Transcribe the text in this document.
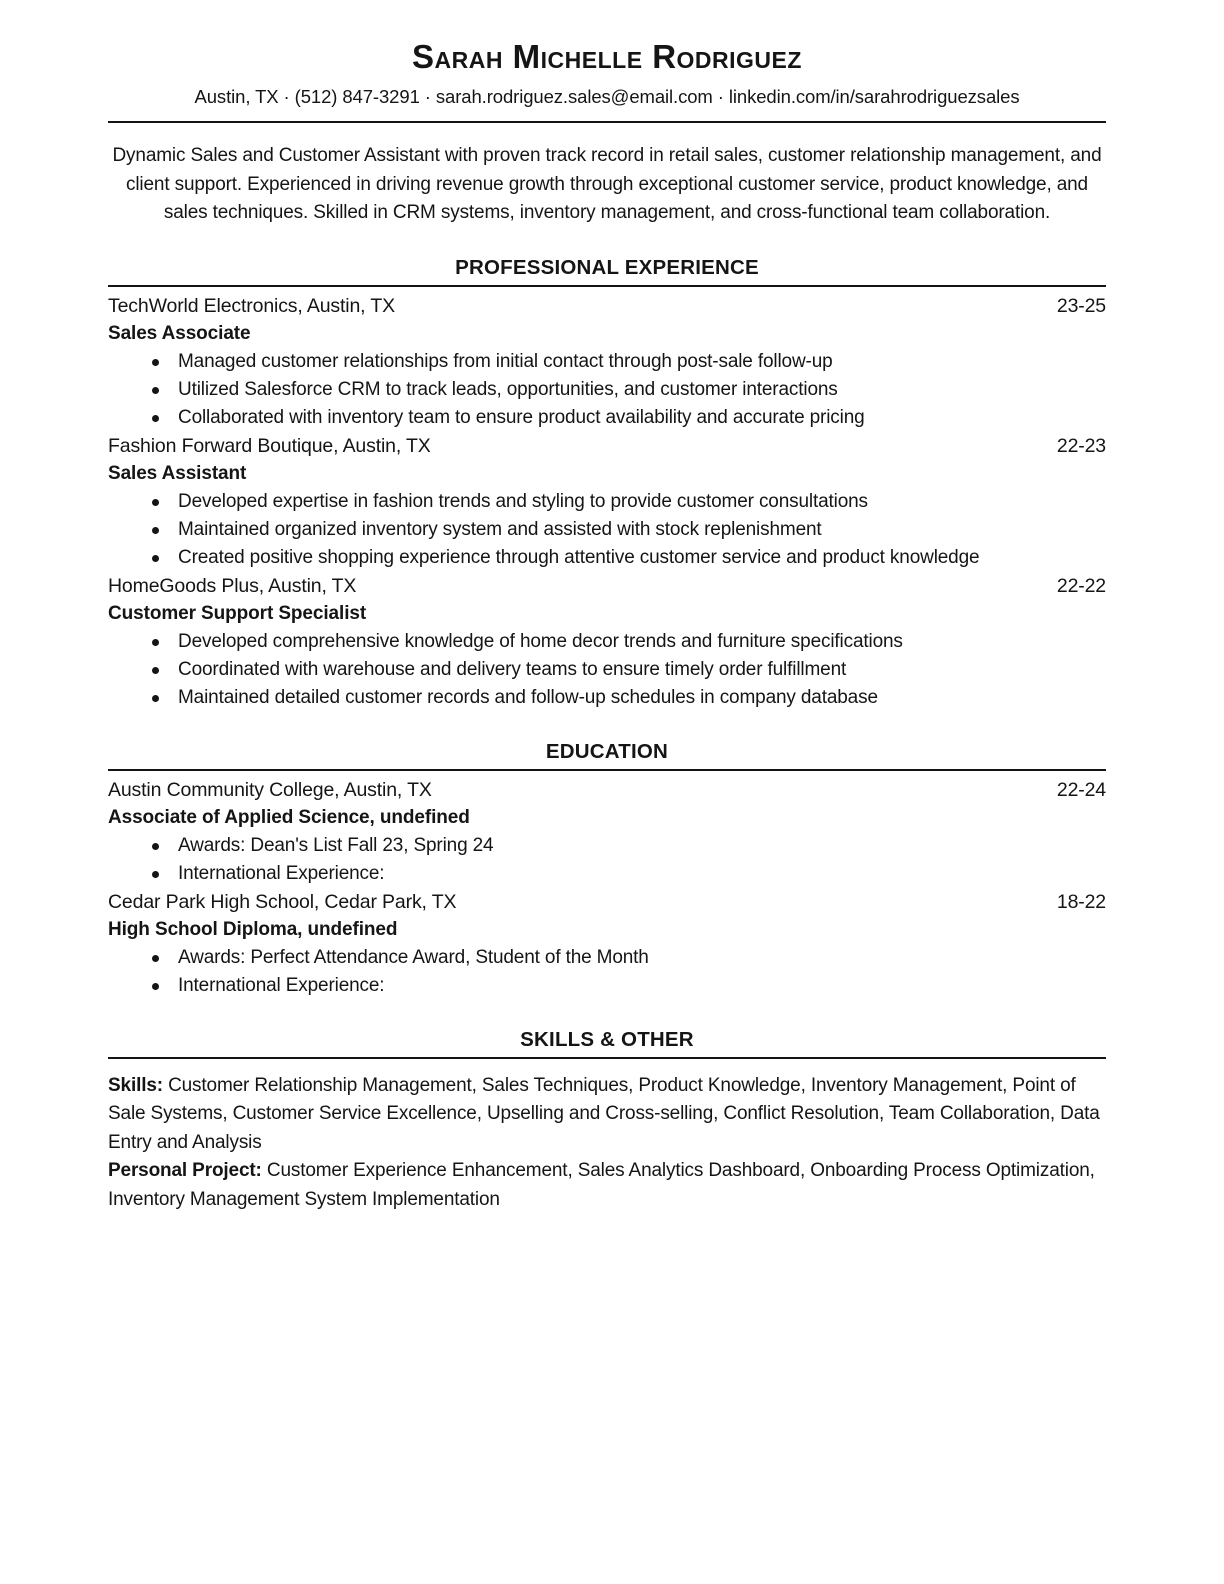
Sarah Michelle Rodriguez
Austin, TX · (512) 847-3291 · sarah.rodriguez.sales@email.com · linkedin.com/in/sarahrodriguezsales

Dynamic Sales and Customer Assistant with proven track record in retail sales, customer relationship management, and client support. Experienced in driving revenue growth through exceptional customer service, product knowledge, and sales techniques. Skilled in CRM systems, inventory management, and cross-functional team collaboration.

PROFESSIONAL EXPERIENCE
TechWorld Electronics, Austin, TX	23-25
Sales Associate
Managed customer relationships from initial contact through post-sale follow-up
Utilized Salesforce CRM to track leads, opportunities, and customer interactions
Collaborated with inventory team to ensure product availability and accurate pricing
Fashion Forward Boutique, Austin, TX	22-23
Sales Assistant
Developed expertise in fashion trends and styling to provide customer consultations
Maintained organized inventory system and assisted with stock replenishment
Created positive shopping experience through attentive customer service and product knowledge
HomeGoods Plus, Austin, TX	22-22
Customer Support Specialist
Developed comprehensive knowledge of home decor trends and furniture specifications
Coordinated with warehouse and delivery teams to ensure timely order fulfillment
Maintained detailed customer records and follow-up schedules in company database
EDUCATION
Austin Community College, Austin, TX	22-24
Associate of Applied Science, undefined
Awards: Dean's List Fall 23, Spring 24
International Experience:
Cedar Park High School, Cedar Park, TX	18-22
High School Diploma, undefined
Awards: Perfect Attendance Award, Student of the Month
International Experience:
SKILLS & OTHER

Skills: Customer Relationship Management, Sales Techniques, Product Knowledge, Inventory Management, Point of Sale Systems, Customer Service Excellence, Upselling and Cross-selling, Conflict Resolution, Team Collaboration, Data Entry and Analysis

Personal Project: Customer Experience Enhancement, Sales Analytics Dashboard, Onboarding Process Optimization, Inventory Management System Implementation
